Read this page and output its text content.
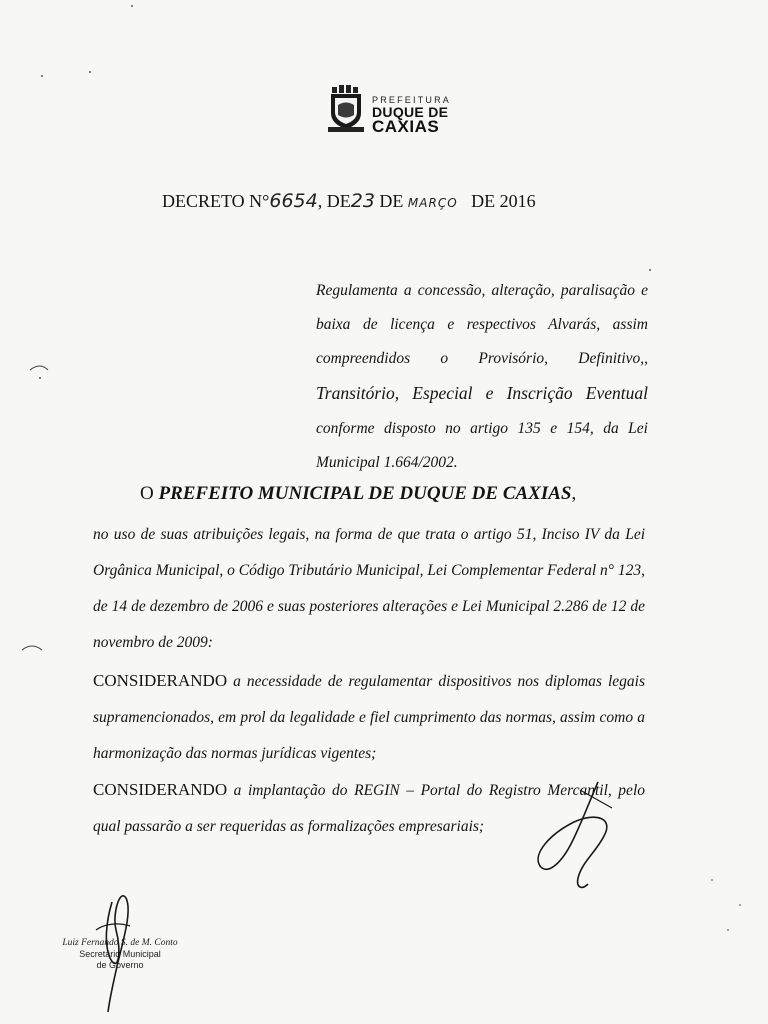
PREFEITURA
DUQUE DE
CAXIAS
DECRETO N°6654, DE23 DE MARÇO DE 2016
Regulamenta a concessão, alteração, paralisação e baixa de licença e respectivos Alvarás, assim compreendidos o Provisório, Definitivo,, Transitório, Especial e Inscrição Eventual conforme disposto no artigo 135 e 154, da Lei Municipal 1.664/2002.
O PREFEITO MUNICIPAL DE DUQUE DE CAXIAS,
no uso de suas atribuições legais, na forma de que trata o artigo 51, Inciso IV da Lei Orgânica Municipal, o Código Tributário Municipal, Lei Complementar Federal n° 123, de 14 de dezembro de 2006 e suas posteriores alterações e Lei Municipal 2.286 de 12 de novembro de 2009:
CONSIDERANDO a necessidade de regulamentar dispositivos nos diplomas legais supramencionados, em prol da legalidade e fiel cumprimento das normas, assim como a harmonização das normas jurídicas vigentes;
CONSIDERANDO a implantação do REGIN – Portal do Registro Mercantil, pelo qual passarão a ser requeridas as formalizações empresariais;
Luiz Fernando S. de M. Conto
Secretário Municipal
de Governo
